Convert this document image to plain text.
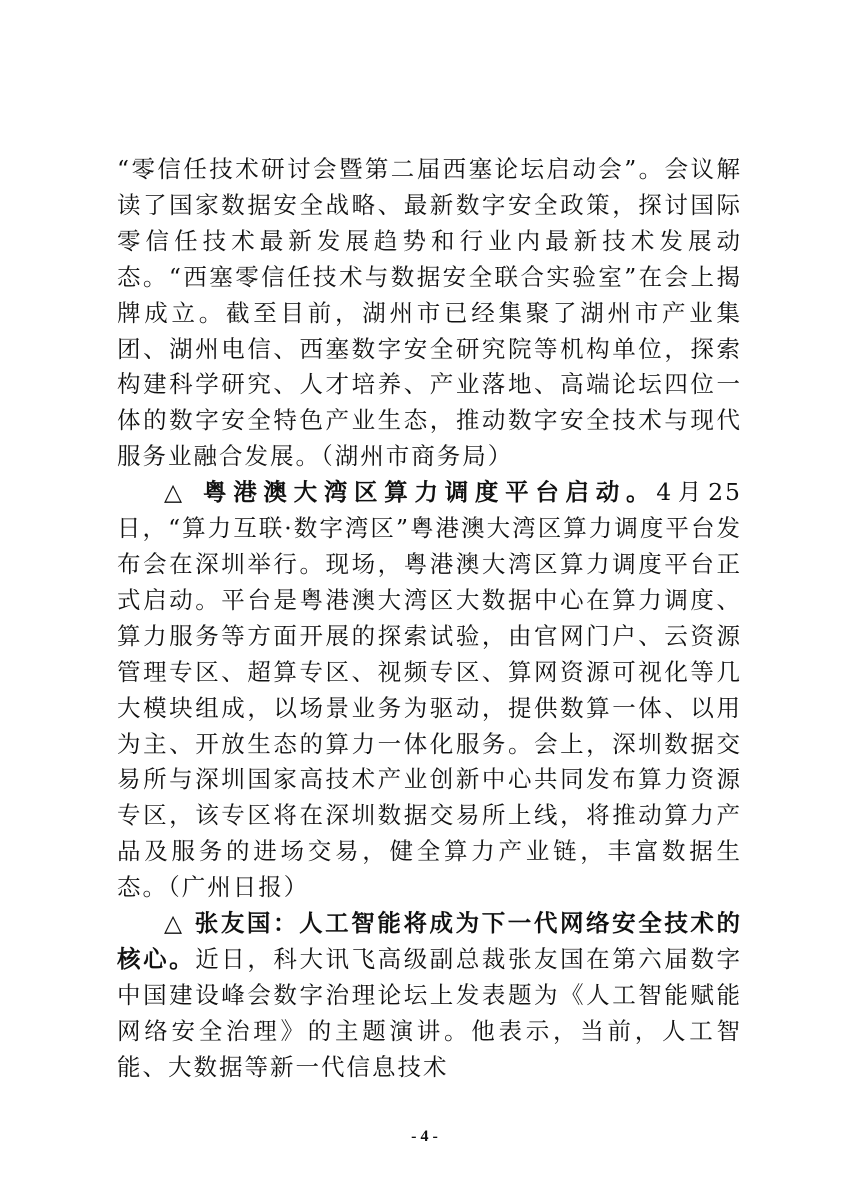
“零信任技术研讨会暨第二届西塞论坛启动会”。会议解读了国家数据安全战略、最新数字安全政策，探讨国际零信任技术最新发展趋势和行业内最新技术发展动态。“西塞零信任技术与数据安全联合实验室”在会上揭牌成立。截至目前，湖州市已经集聚了湖州市产业集团、湖州电信、西塞数字安全研究院等机构单位，探索构建科学研究、人才培养、产业落地、高端论坛四位一体的数字安全特色产业生态，推动数字安全技术与现代服务业融合发展。（湖州市商务局）

△ 粤港澳大湾区算力调度平台启动。4月25日，“算力互联·数字湾区”粤港澳大湾区算力调度平台发布会在深圳举行。现场，粤港澳大湾区算力调度平台正式启动。平台是粤港澳大湾区大数据中心在算力调度、算力服务等方面开展的探索试验，由官网门户、云资源管理专区、超算专区、视频专区、算网资源可视化等几大模块组成，以场景业务为驱动，提供数算一体、以用为主、开放生态的算力一体化服务。会上，深圳数据交易所与深圳国家高技术产业创新中心共同发布算力资源专区，该专区将在深圳数据交易所上线，将推动算力产品及服务的进场交易，健全算力产业链，丰富数据生态。（广州日报）

△ 张友国：人工智能将成为下一代网络安全技术的核心。近日，科大讯飞高级副总裁张友国在第六届数字中国建设峰会数字治理论坛上发表题为《人工智能赋能网络安全治理》的主题演讲。他表示，当前，人工智能、大数据等新一代信息技术

- 4 -
